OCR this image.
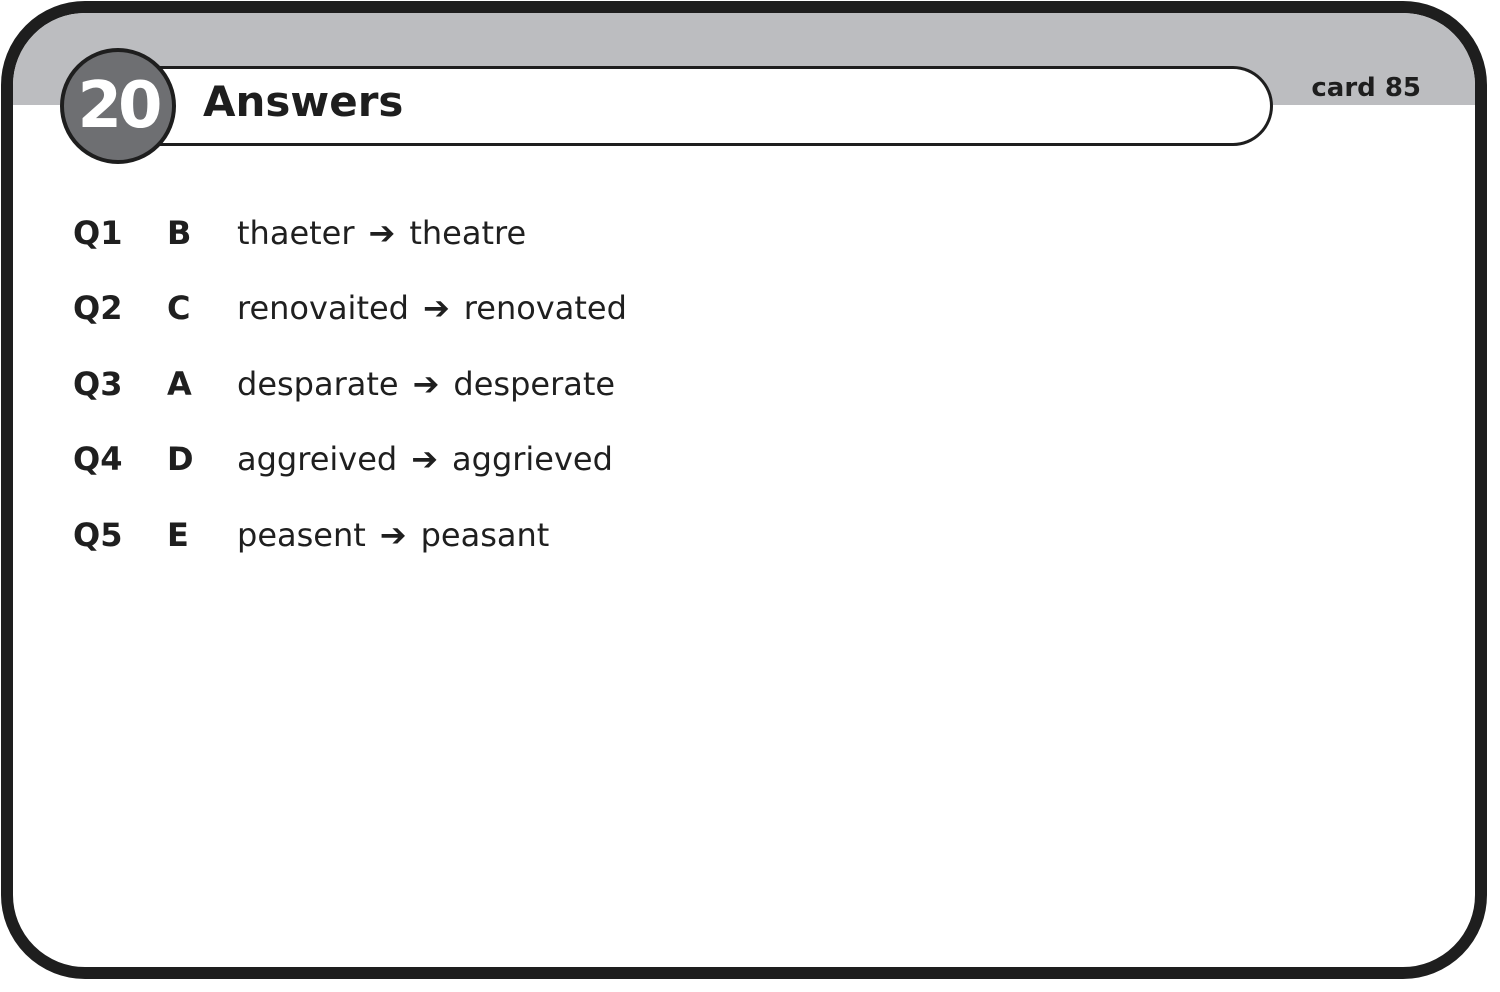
Answers	card 85
20
Q1	B	thaeter ➔ theatre
Q2	C	renovaited ➔ renovated
Q3	A	desparate ➔ desperate
Q4	D	aggreived ➔ aggrieved
Q5	E	peasent ➔ peasant
